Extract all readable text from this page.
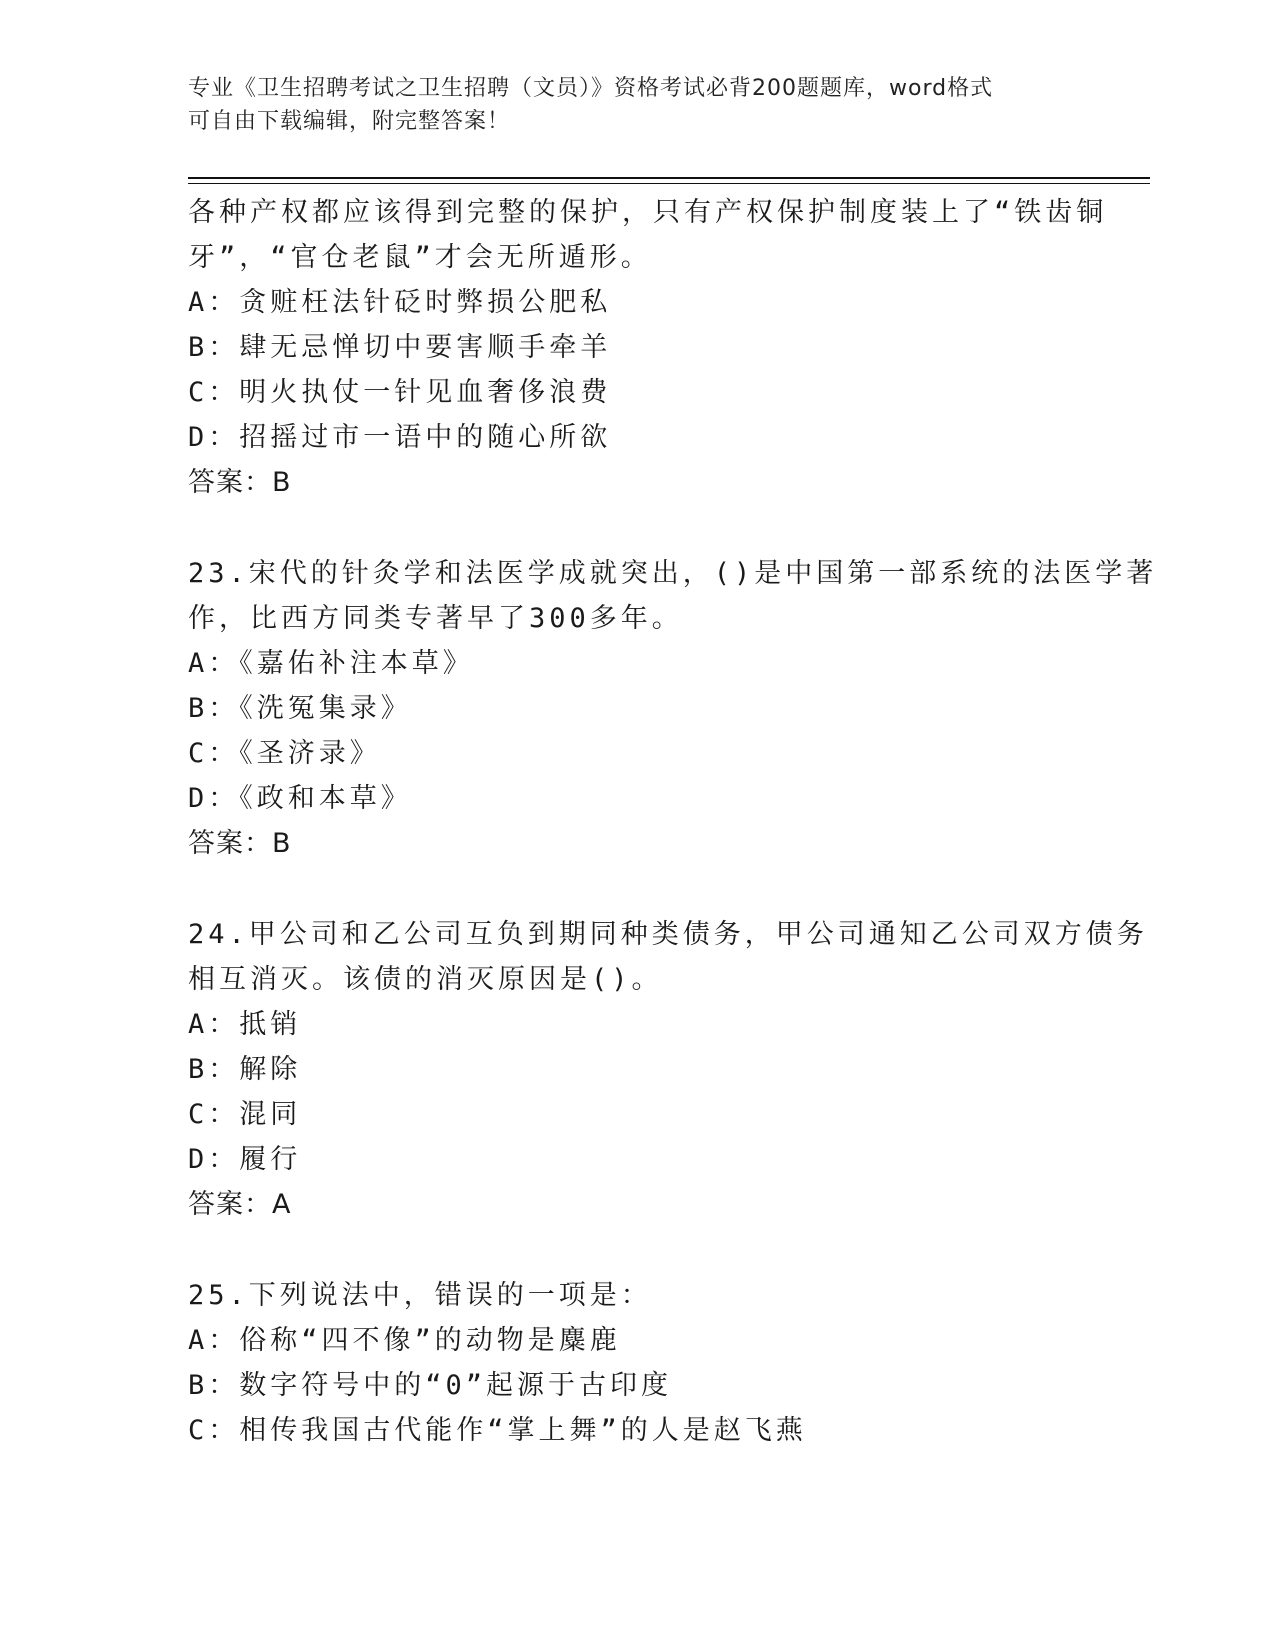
专业《卫生招聘考试之卫生招聘（文员）》资格考试必背200题题库，word格式
可自由下载编辑，附完整答案！
各种产权都应该得到完整的保护，只有产权保护制度装上了“铁齿铜
牙”，“官仓老鼠”才会无所遁形。
A：贪赃枉法针砭时弊损公肥私
B：肆无忌惮切中要害顺手牵羊
C：明火执仗一针见血奢侈浪费
D：招摇过市一语中的随心所欲
答案：B
23.宋代的针灸学和法医学成就突出，()是中国第一部系统的法医学著
作，比西方同类专著早了300多年。
A：《嘉佑补注本草》
B：《洗冤集录》
C：《圣济录》
D：《政和本草》
答案：B
24.甲公司和乙公司互负到期同种类债务，甲公司通知乙公司双方债务
相互消灭。该债的消灭原因是()。
A：抵销
B：解除
C：混同
D：履行
答案：A
25.下列说法中，错误的一项是：
A：俗称“四不像”的动物是麋鹿
B：数字符号中的“0”起源于古印度
C：相传我国古代能作“掌上舞”的人是赵飞燕
